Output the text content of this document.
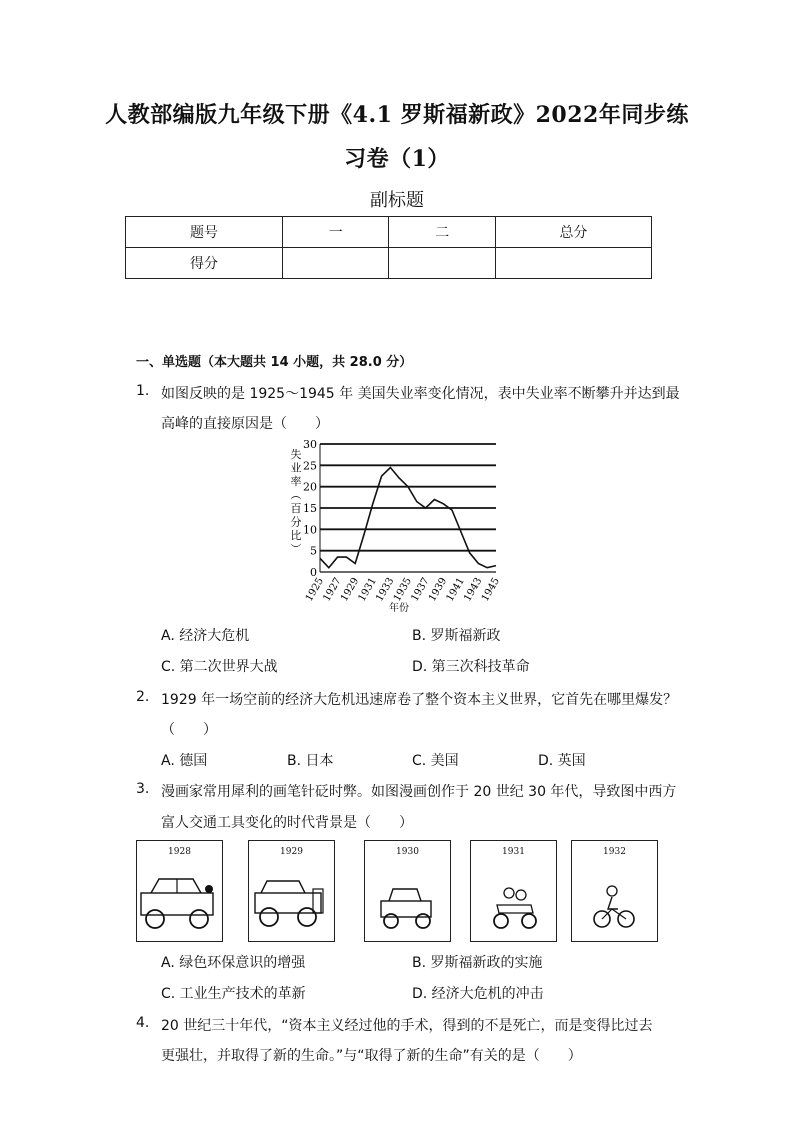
人教部编版九年级下册《4.1 罗斯福新政》2022年同步练
习卷（1）
副标题
题号	一	二	总分
得分			
一、单选题（本大题共 14 小题，共 28.0 分）
1. 如图反映的是 1925～1945 年 美国失业率变化情况，表中失业率不断攀升并达到最
高峰的直接原因是（　　）
失
业
率
（
百
分
比
）
0
5
10
15
20
25
30
1925
1927
1929
1931
1933
1935
1937
1939
1941
1943
1945
年份
A. 经济大危机	B. 罗斯福新政
C. 第二次世界大战	D. 第三次科技革命
2. 1929 年一场空前的经济大危机迅速席卷了整个资本主义世界，它首先在哪里爆发？
（　　）
A. 德国	B. 日本	C. 美国	D. 英国
3. 漫画家常用犀利的画笔针砭时弊。如图漫画创作于 20 世纪 30 年代，导致图中西方
富人交通工具变化的时代背景是（　　）
1928	1929	1930	1931	1932
A. 绿色环保意识的增强	B. 罗斯福新政的实施
C. 工业生产技术的革新	D. 经济大危机的冲击
4. 20 世纪三十年代，“资本主义经过他的手术，得到的不是死亡，而是变得比过去
更强壮，并取得了新的生命。”与“取得了新的生命”有关的是（　　）
